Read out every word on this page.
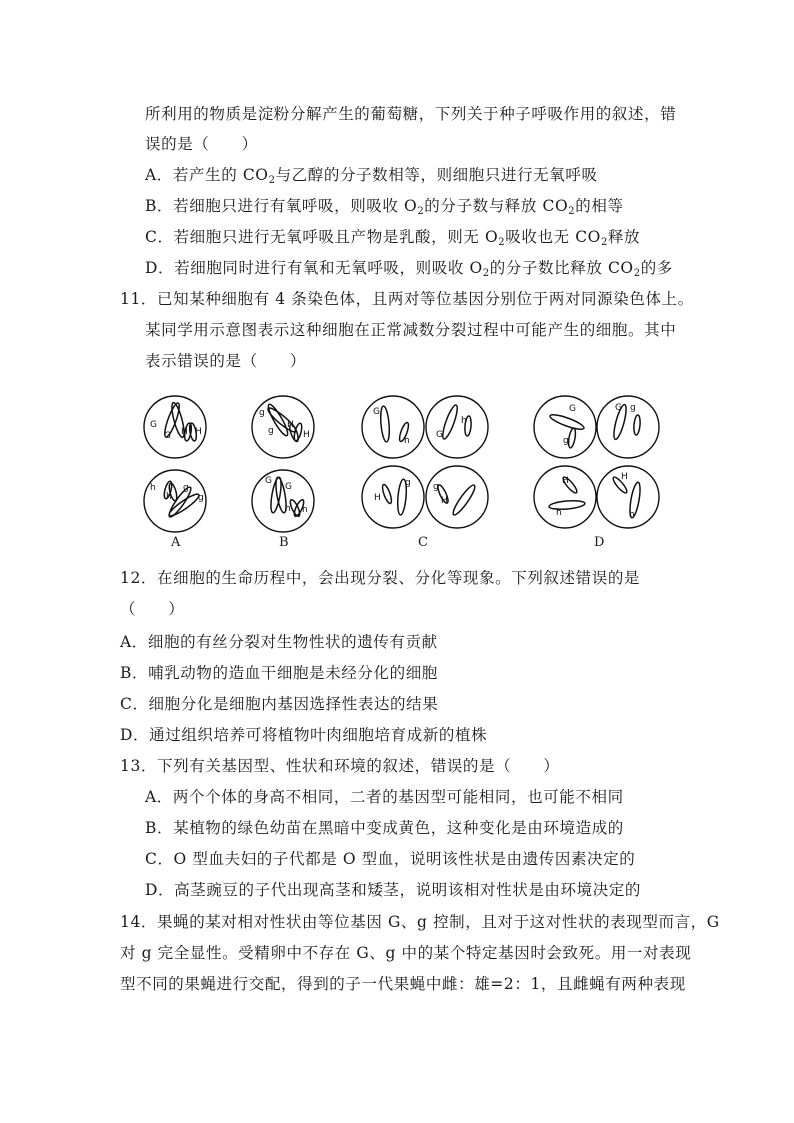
所利用的物质是淀粉分解产生的葡萄糖，下列关于种子呼吸作用的叙述，错
误的是（　　）
A．若产生的 CO2与乙醇的分子数相等，则细胞只进行无氧呼吸
B．若细胞只进行有氧呼吸，则吸收 O2的分子数与释放 CO2的相等
C．若细胞只进行无氧呼吸且产物是乳酸，则无 O2吸收也无 CO2释放
D．若细胞同时进行有氧和无氧呼吸，则吸收 O2的分子数比释放 CO2的多
11．已知某种细胞有 4 条染色体，且两对等位基因分别位于两对同源染色体上。
某同学用示意图表示这种细胞在正常减数分裂过程中可能产生的细胞。其中
表示错误的是（　　）
G
G H H
h
h
g
g
g
g
H
H
G
G
h h
G
h
G
h
H
g g
H
G
g
G g
H
h
H
h
A	B	C	D
12．在细胞的生命历程中，会出现分裂、分化等现象。下列叙述错误的是
（　　）
A．细胞的有丝分裂对生物性状的遗传有贡献
B．哺乳动物的造血干细胞是未经分化的细胞
C．细胞分化是细胞内基因选择性表达的结果
D．通过组织培养可将植物叶肉细胞培育成新的植株
13．下列有关基因型、性状和环境的叙述，错误的是（　　）
A．两个个体的身高不相同，二者的基因型可能相同，也可能不相同
B．某植物的绿色幼苗在黑暗中变成黄色，这种变化是由环境造成的
C．O 型血夫妇的子代都是 O 型血，说明该性状是由遗传因素决定的
D．高茎豌豆的子代出现高茎和矮茎，说明该相对性状是由环境决定的
14．果蝇的某对相对性状由等位基因 G、g 控制，且对于这对性状的表现型而言，G
对 g 完全显性。受精卵中不存在 G、g 中的某个特定基因时会致死。用一对表现
型不同的果蝇进行交配，得到的子一代果蝇中雌：雄=2：1，且雌蝇有两种表现
